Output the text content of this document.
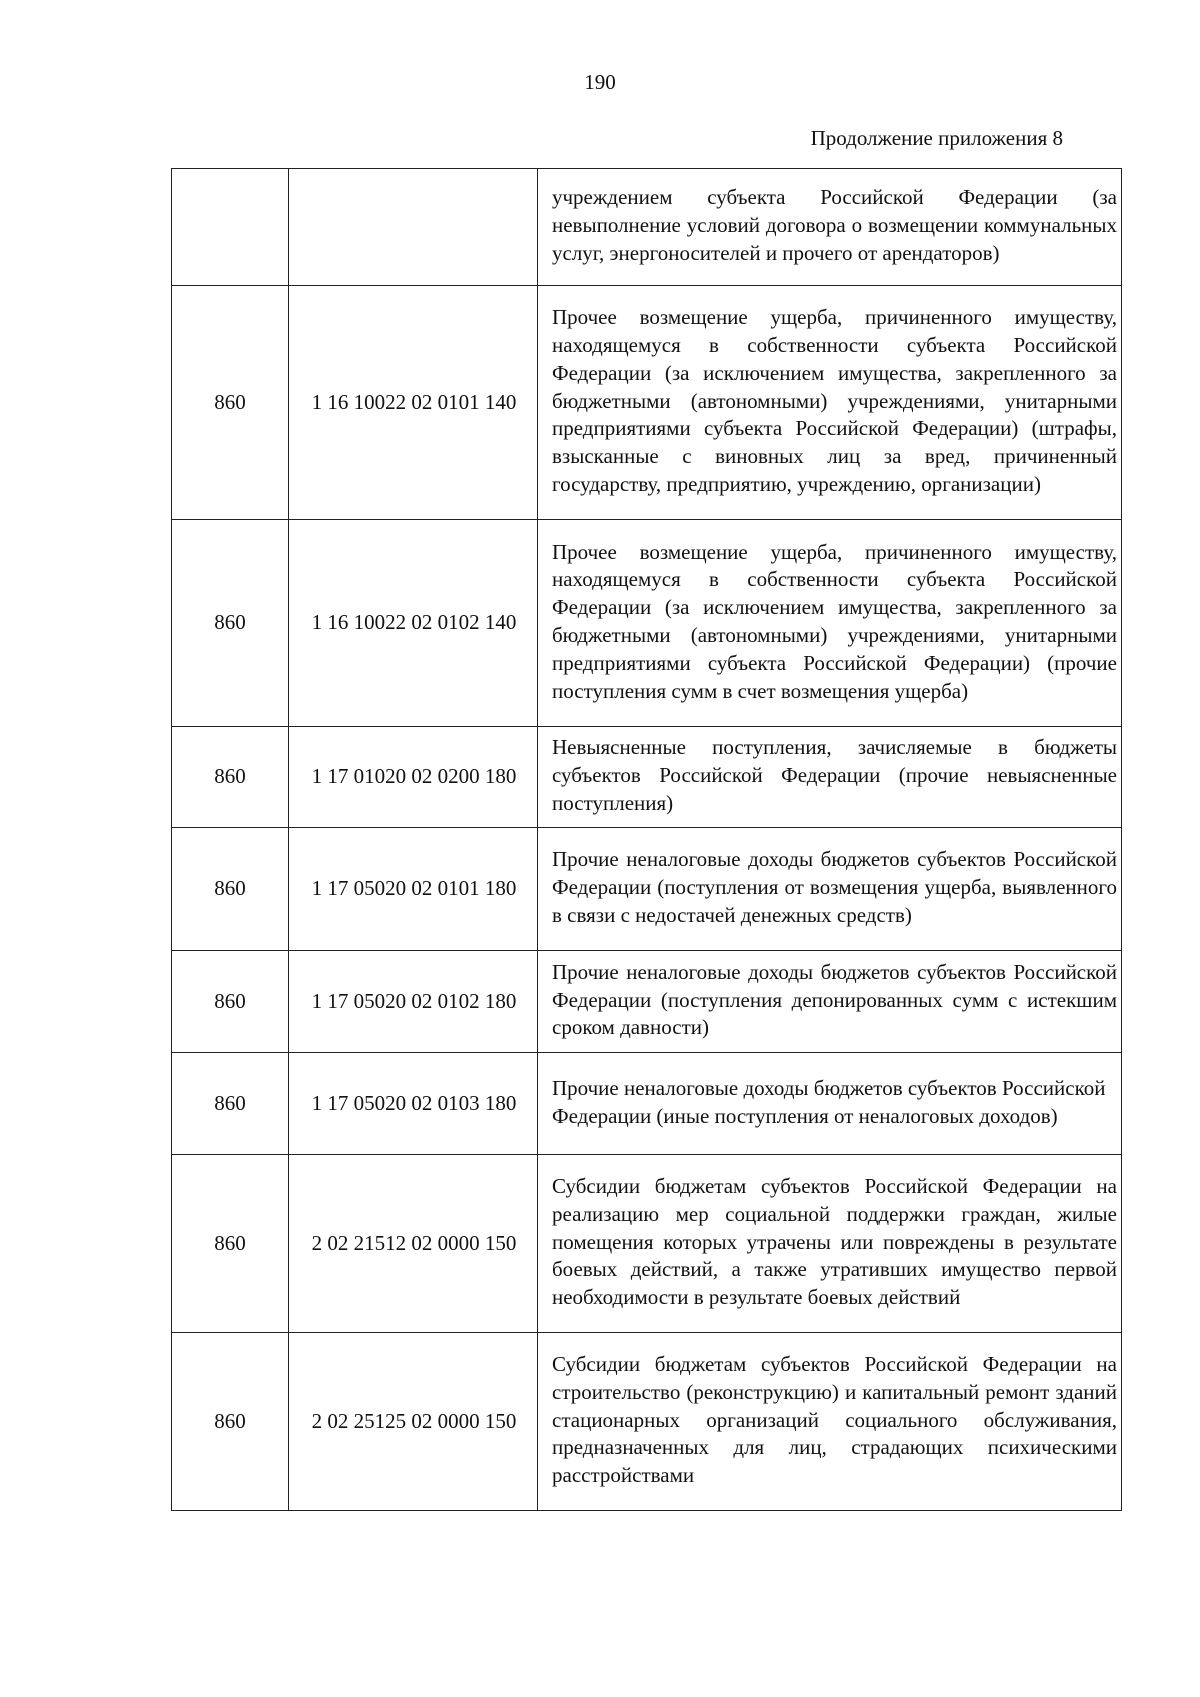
190
Продолжение приложения 8
		учреждением субъекта Российской Федерации (за невыполнение условий договора о возмещении коммунальных услуг, энергоносителей и прочего от арендаторов)
860	1 16 10022 02 0101 140	Прочее возмещение ущерба, причиненного имуществу, находящемуся в собственности субъекта Российской Федерации (за исключением имущества, закрепленного за бюджетными (автономными) учреждениями, унитарными предприятиями субъекта Российской Федерации) (штрафы, взысканные с виновных лиц за вред, причиненный государству, предприятию, учреждению, организации)
860	1 16 10022 02 0102 140	Прочее возмещение ущерба, причиненного имуществу, находящемуся в собственности субъекта Российской Федерации (за исключением имущества, закрепленного за бюджетными (автономными) учреждениями, унитарными предприятиями субъекта Российской Федерации) (прочие поступления сумм в счет возмещения ущерба)
860	1 17 01020 02 0200 180	Невыясненные поступления, зачисляемые в бюджеты субъектов Российской Федерации (прочие невыясненные поступления)
860	1 17 05020 02 0101 180	Прочие неналоговые доходы бюджетов субъектов Российской Федерации (поступления от возмещения ущерба, выявленного в связи с недостачей денежных средств)
860	1 17 05020 02 0102 180	Прочие неналоговые доходы бюджетов субъектов Российской Федерации (поступления депонированных сумм с истекшим сроком давности)
860	1 17 05020 02 0103 180	Прочие неналоговые доходы бюджетов субъектов Российской Федерации (иные поступления от неналоговых доходов)
860	2 02 21512 02 0000 150	Субсидии бюджетам субъектов Российской Федерации на реализацию мер социальной поддержки граждан, жилые помещения которых утрачены или повреждены в результате боевых действий, а также утративших имущество первой необходимости в результате боевых действий
860	2 02 25125 02 0000 150	Субсидии бюджетам субъектов Российской Федерации на строительство (реконструкцию) и капитальный ремонт зданий стационарных организаций социального обслуживания, предназначенных для лиц, страдающих психическими расстройствами
